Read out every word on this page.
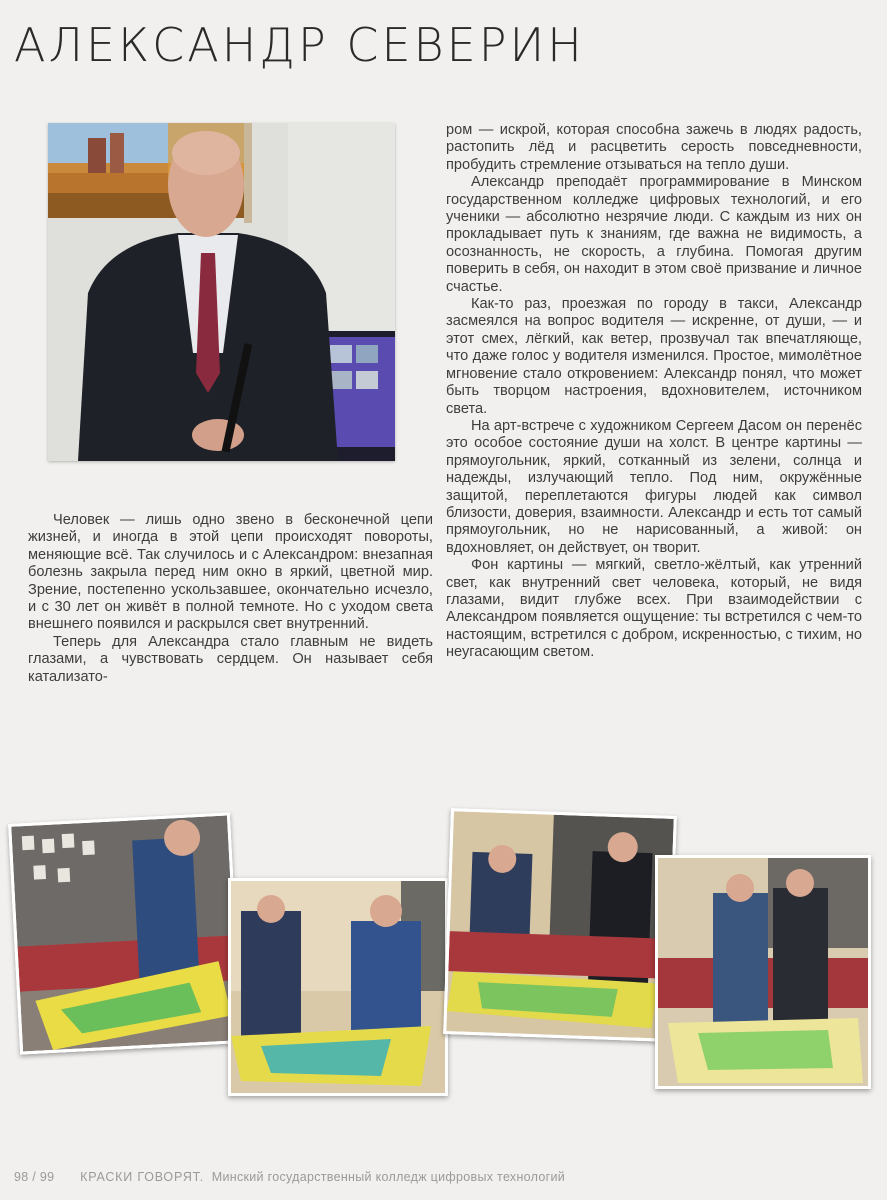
АЛЕКСАНДР СЕВЕРИН

Человек — лишь одно звено в бесконечной цепи жизней, и иногда в этой цепи происходят повороты, меняющие всё. Так случилось и с Александром: внезапная болезнь закрыла перед ним окно в яркий, цветной мир. Зрение, постепенно ускользавшее, окончательно исчезло, и с 30 лет он живёт в полной темноте. Но с уходом света внешнего появился и раскрылся свет внутренний.

Теперь для Александра стало главным не видеть глазами, а чувствовать сердцем. Он называет себя катализато-

ром — искрой, которая способна зажечь в людях радость, растопить лёд и расцветить серость повседневности, пробудить стремление отзываться на тепло души.

Александр преподаёт программирование в Минском государственном колледже цифровых технологий, и его ученики — абсолютно незрячие люди. С каждым из них он прокладывает путь к знаниям, где важна не видимость, а осознанность, не скорость, а глубина. Помогая другим поверить в себя, он находит в этом своё призвание и личное счастье.

Как-то раз, проезжая по городу в такси, Александр засмеялся на вопрос водителя — искренне, от души, — и этот смех, лёгкий, как ветер, прозвучал так впечатляюще, что даже голос у водителя изменился. Простое, мимолётное мгновение стало откровением: Александр понял, что может быть творцом настроения, вдохновителем, источником света.

На арт-встрече с художником Сергеем Дасом он перенёс это особое состояние души на холст. В центре картины — прямоугольник, яркий, сотканный из зелени, солнца и надежды, излучающий тепло. Под ним, окружённые защитой, переплетаются фигуры людей как символ близости, доверия, взаимности. Александр и есть тот самый прямоугольник, но не нарисованный, а живой: он вдохновляет, он действует, он творит.

Фон картины — мягкий, светло-жёлтый, как утренний свет, как внутренний свет человека, который, не видя глазами, видит глубже всех. При взаимодействии с Александром появляется ощущение: ты встретился с чем-то настоящим, встретился с добром, искренностью, с тихим, но неугасающим светом.

98 / 99 КРАСКИ ГОВОРЯТ. Минский государственный колледж цифровых технологий
